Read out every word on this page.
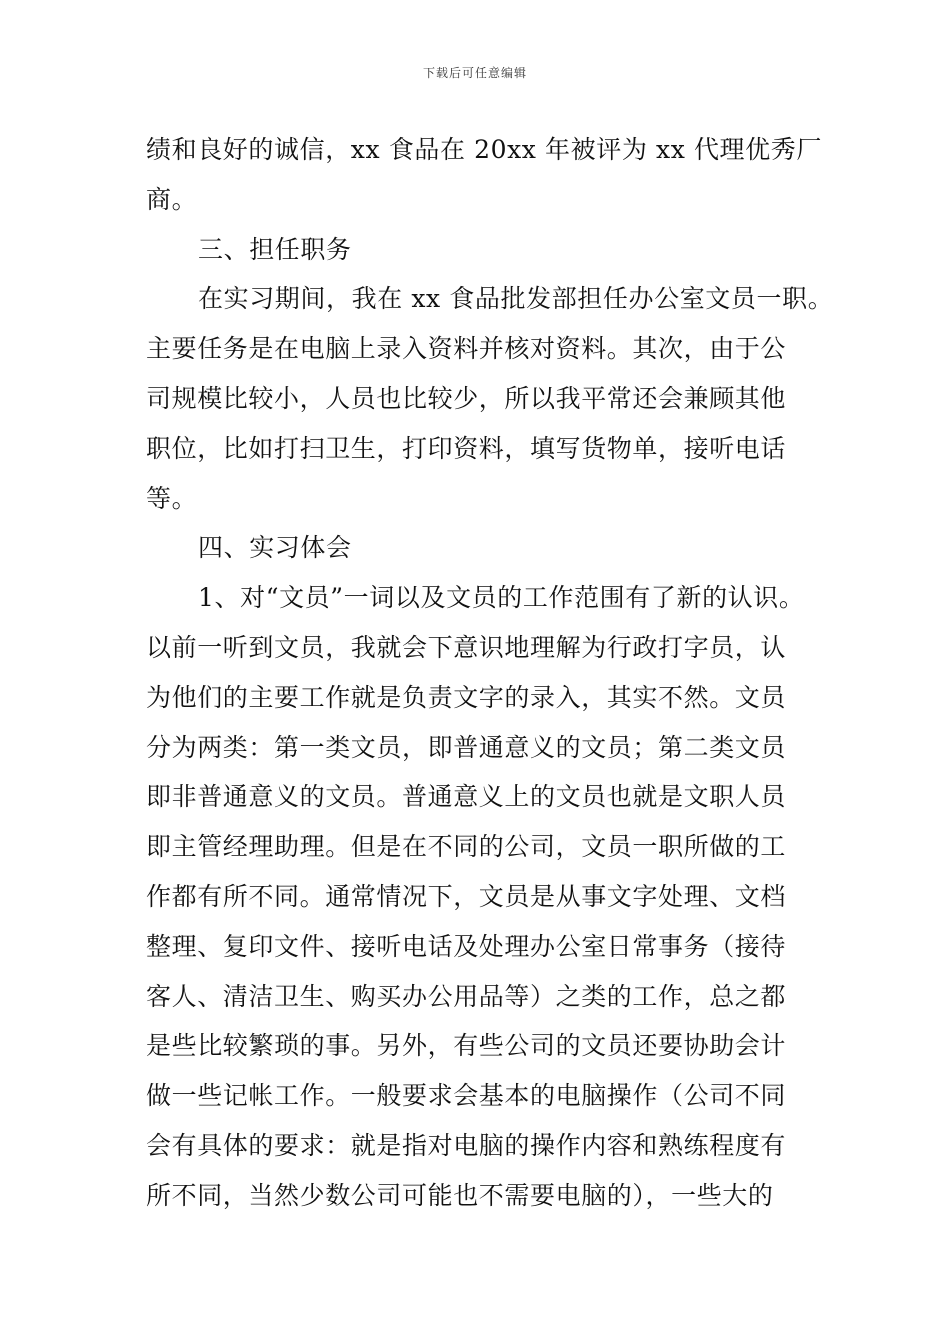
下载后可任意编辑
绩和良好的诚信，xx 食品在 20xx 年被评为 xx 代理优秀厂
商。
三、担任职务
在实习期间，我在 xx 食品批发部担任办公室文员一职。
主要任务是在电脑上录入资料并核对资料。其次，由于公
司规模比较小，人员也比较少，所以我平常还会兼顾其他
职位，比如打扫卫生，打印资料，填写货物单，接听电话
等。
四、实习体会
1、对“文员”一词以及文员的工作范围有了新的认识。
以前一听到文员，我就会下意识地理解为行政打字员，认
为他们的主要工作就是负责文字的录入，其实不然。文员
分为两类：第一类文员，即普通意义的文员；第二类文员
即非普通意义的文员。普通意义上的文员也就是文职人员
即主管经理助理。但是在不同的公司，文员一职所做的工
作都有所不同。通常情况下，文员是从事文字处理、文档
整理、复印文件、接听电话及处理办公室日常事务（接待
客人、清洁卫生、购买办公用品等）之类的工作，总之都
是些比较繁琐的事。另外，有些公司的文员还要协助会计
做一些记帐工作。一般要求会基本的电脑操作（公司不同
会有具体的要求：就是指对电脑的操作内容和熟练程度有
所不同，当然少数公司可能也不需要电脑的），一些大的
